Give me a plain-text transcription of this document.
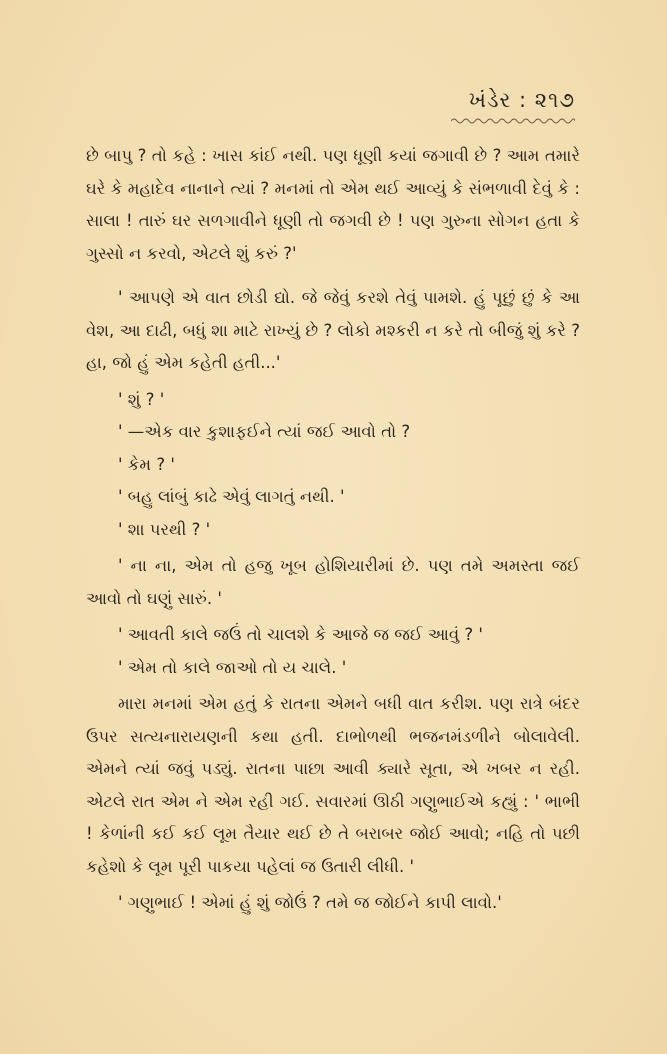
ખંડેર : ૨૧૭

છે બાપુ ? તો કહે : ખાસ કાંઈ નથી. પણ ધૂણી કયાં જગાવી છે ? આમ તમારે ઘરે કે મહાદેવ નાનાને ત્યાં ? મનમાં તો એમ થઈ આવ્યું કે સંભળાવી દેવું કે : સાલા ! તારું ઘર સળગાવીને ધૂણી તો જગવી છે ! પણ ગુરુના સોગન હતા કે ગુસ્સો ન કરવો, એટલે શું કરું ?'

' આપણે એ વાત છોડી દ્યો. જે જેવું કરશે તેવું પામશે. હું પૂછું છું કે આ વેશ, આ દાઢી, બધું શા માટે રાખ્યું છે ? લોકો મશ્કરી ન કરે તો બીજું શું કરે ? હા, જો હું એમ કહેતી હતી...'

' શું ? '

' —એક વાર કુશાફઈને ત્યાં જઈ આવો તો ?

' કેમ ? '

' બહુ લાંબું કાઢે એવું લાગતું નથી. '

' શા પરથી ? '

' ના ના, એમ તો હજુ ખૂબ હોશિયારીમાં છે. પણ તમે અમસ્તા જઈ આવો તો ઘણું સારું. '

' આવતી કાલે જઉં તો ચાલશે કે આજે જ જઈ આવું ? '

' એમ તો કાલે જાઓ તો ય ચાલે. '

મારા મનમાં એમ હતું કે રાતના એમને બધી વાત કરીશ. પણ રાત્રે બંદર ઉપર સત્યનારાયણની કથા હતી. દાભોળથી ભજનમંડળીને બોલાવેલી. એમને ત્યાં જવું પડ્યું. રાતના પાછા આવી ક્યારે સૂતા, એ ખબર ન રહી. એટલે રાત એમ ને એમ રહી ગઈ. સવારમાં ઊઠી ગણુભાઈએ કહ્યું : ' ભાભી ! કેળાંની કઈ કઈ લૂમ તૈયાર થઈ છે તે બરાબર જોઈ આવો; નહિ તો પછી કહેશો કે લૂમ પૂરી પાકયા પહેલાં જ ઉતારી લીધી. '

' ગણુભાઈ ! એમાં હું શું જોઉં ? તમે જ જોઈને કાપી લાવો.'
